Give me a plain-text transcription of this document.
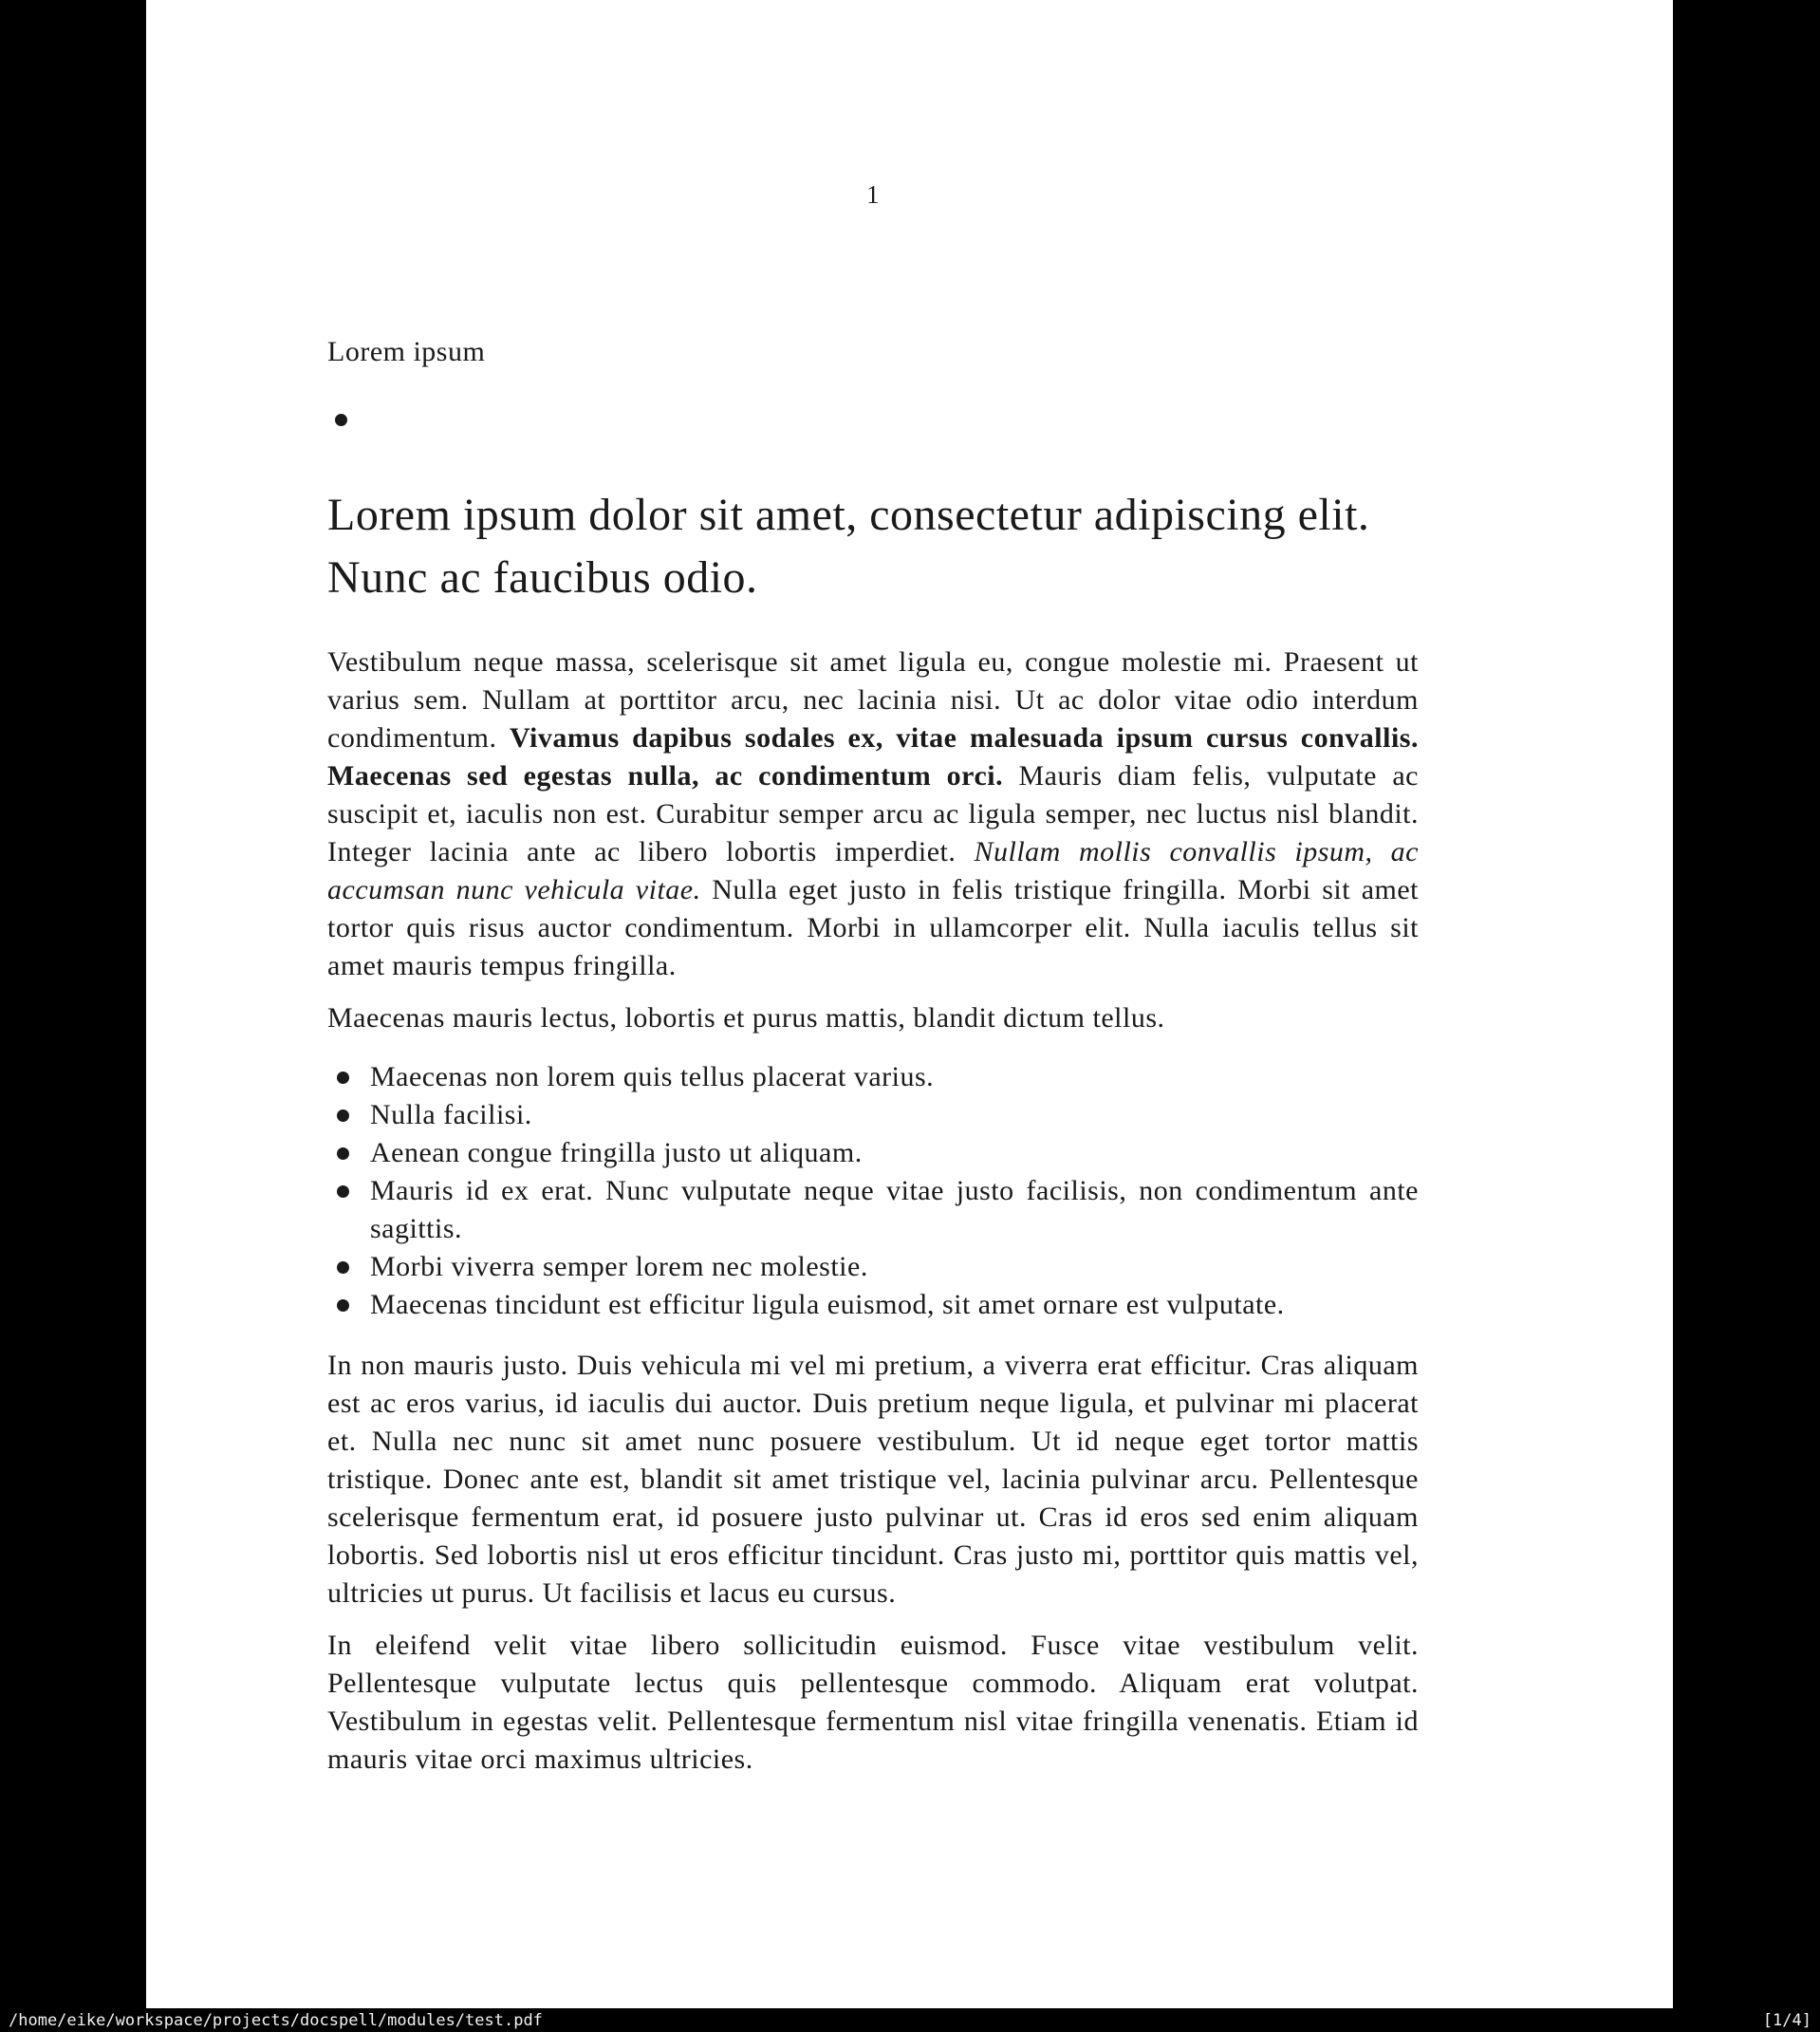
1
Lorem ipsum
Lorem ipsum dolor sit amet, consectetur adipiscing elit. Nunc ac faucibus odio.

Vestibulum neque massa, scelerisque sit amet ligula eu, congue molestie mi. Praesent ut varius sem. Nullam at porttitor arcu, nec lacinia nisi. Ut ac dolor vitae odio interdum condimentum. Vivamus dapibus sodales ex, vitae malesuada ipsum cursus convallis. Maecenas sed egestas nulla, ac condimentum orci. Mauris diam felis, vulputate ac suscipit et, iaculis non est. Curabitur semper arcu ac ligula semper, nec luctus nisl blandit. Integer lacinia ante ac libero lobortis imperdiet. Nullam mollis convallis ipsum, ac accumsan nunc vehicula vitae. Nulla eget justo in felis tristique fringilla. Morbi sit amet tortor quis risus auctor condimentum. Morbi in ullamcorper elit. Nulla iaculis tellus sit amet mauris tempus fringilla.

Maecenas mauris lectus, lobortis et purus mattis, blandit dictum tellus.

Maecenas non lorem quis tellus placerat varius.
Nulla facilisi.
Aenean congue fringilla justo ut aliquam.
Mauris id ex erat. Nunc vulputate neque vitae justo facilisis, non condimentum ante sagittis.
Morbi viverra semper lorem nec molestie.
Maecenas tincidunt est efficitur ligula euismod, sit amet ornare est vulputate.

In non mauris justo. Duis vehicula mi vel mi pretium, a viverra erat efficitur. Cras aliquam est ac eros varius, id iaculis dui auctor. Duis pretium neque ligula, et pulvinar mi placerat et. Nulla nec nunc sit amet nunc posuere vestibulum. Ut id neque eget tortor mattis tristique. Donec ante est, blandit sit amet tristique vel, lacinia pulvinar arcu. Pellentesque scelerisque fermentum erat, id posuere justo pulvinar ut. Cras id eros sed enim aliquam lobortis. Sed lobortis nisl ut eros efficitur tincidunt. Cras justo mi, porttitor quis mattis vel, ultricies ut purus. Ut facilisis et lacus eu cursus.

In eleifend velit vitae libero sollicitudin euismod. Fusce vitae vestibulum velit. Pellentesque vulputate lectus quis pellentesque commodo. Aliquam erat volutpat. Vestibulum in egestas velit. Pellentesque fermentum nisl vitae fringilla venenatis. Etiam id mauris vitae orci maximus ultricies.

/home/eike/workspace/projects/docspell/modules/test.pdf	[1/4]
